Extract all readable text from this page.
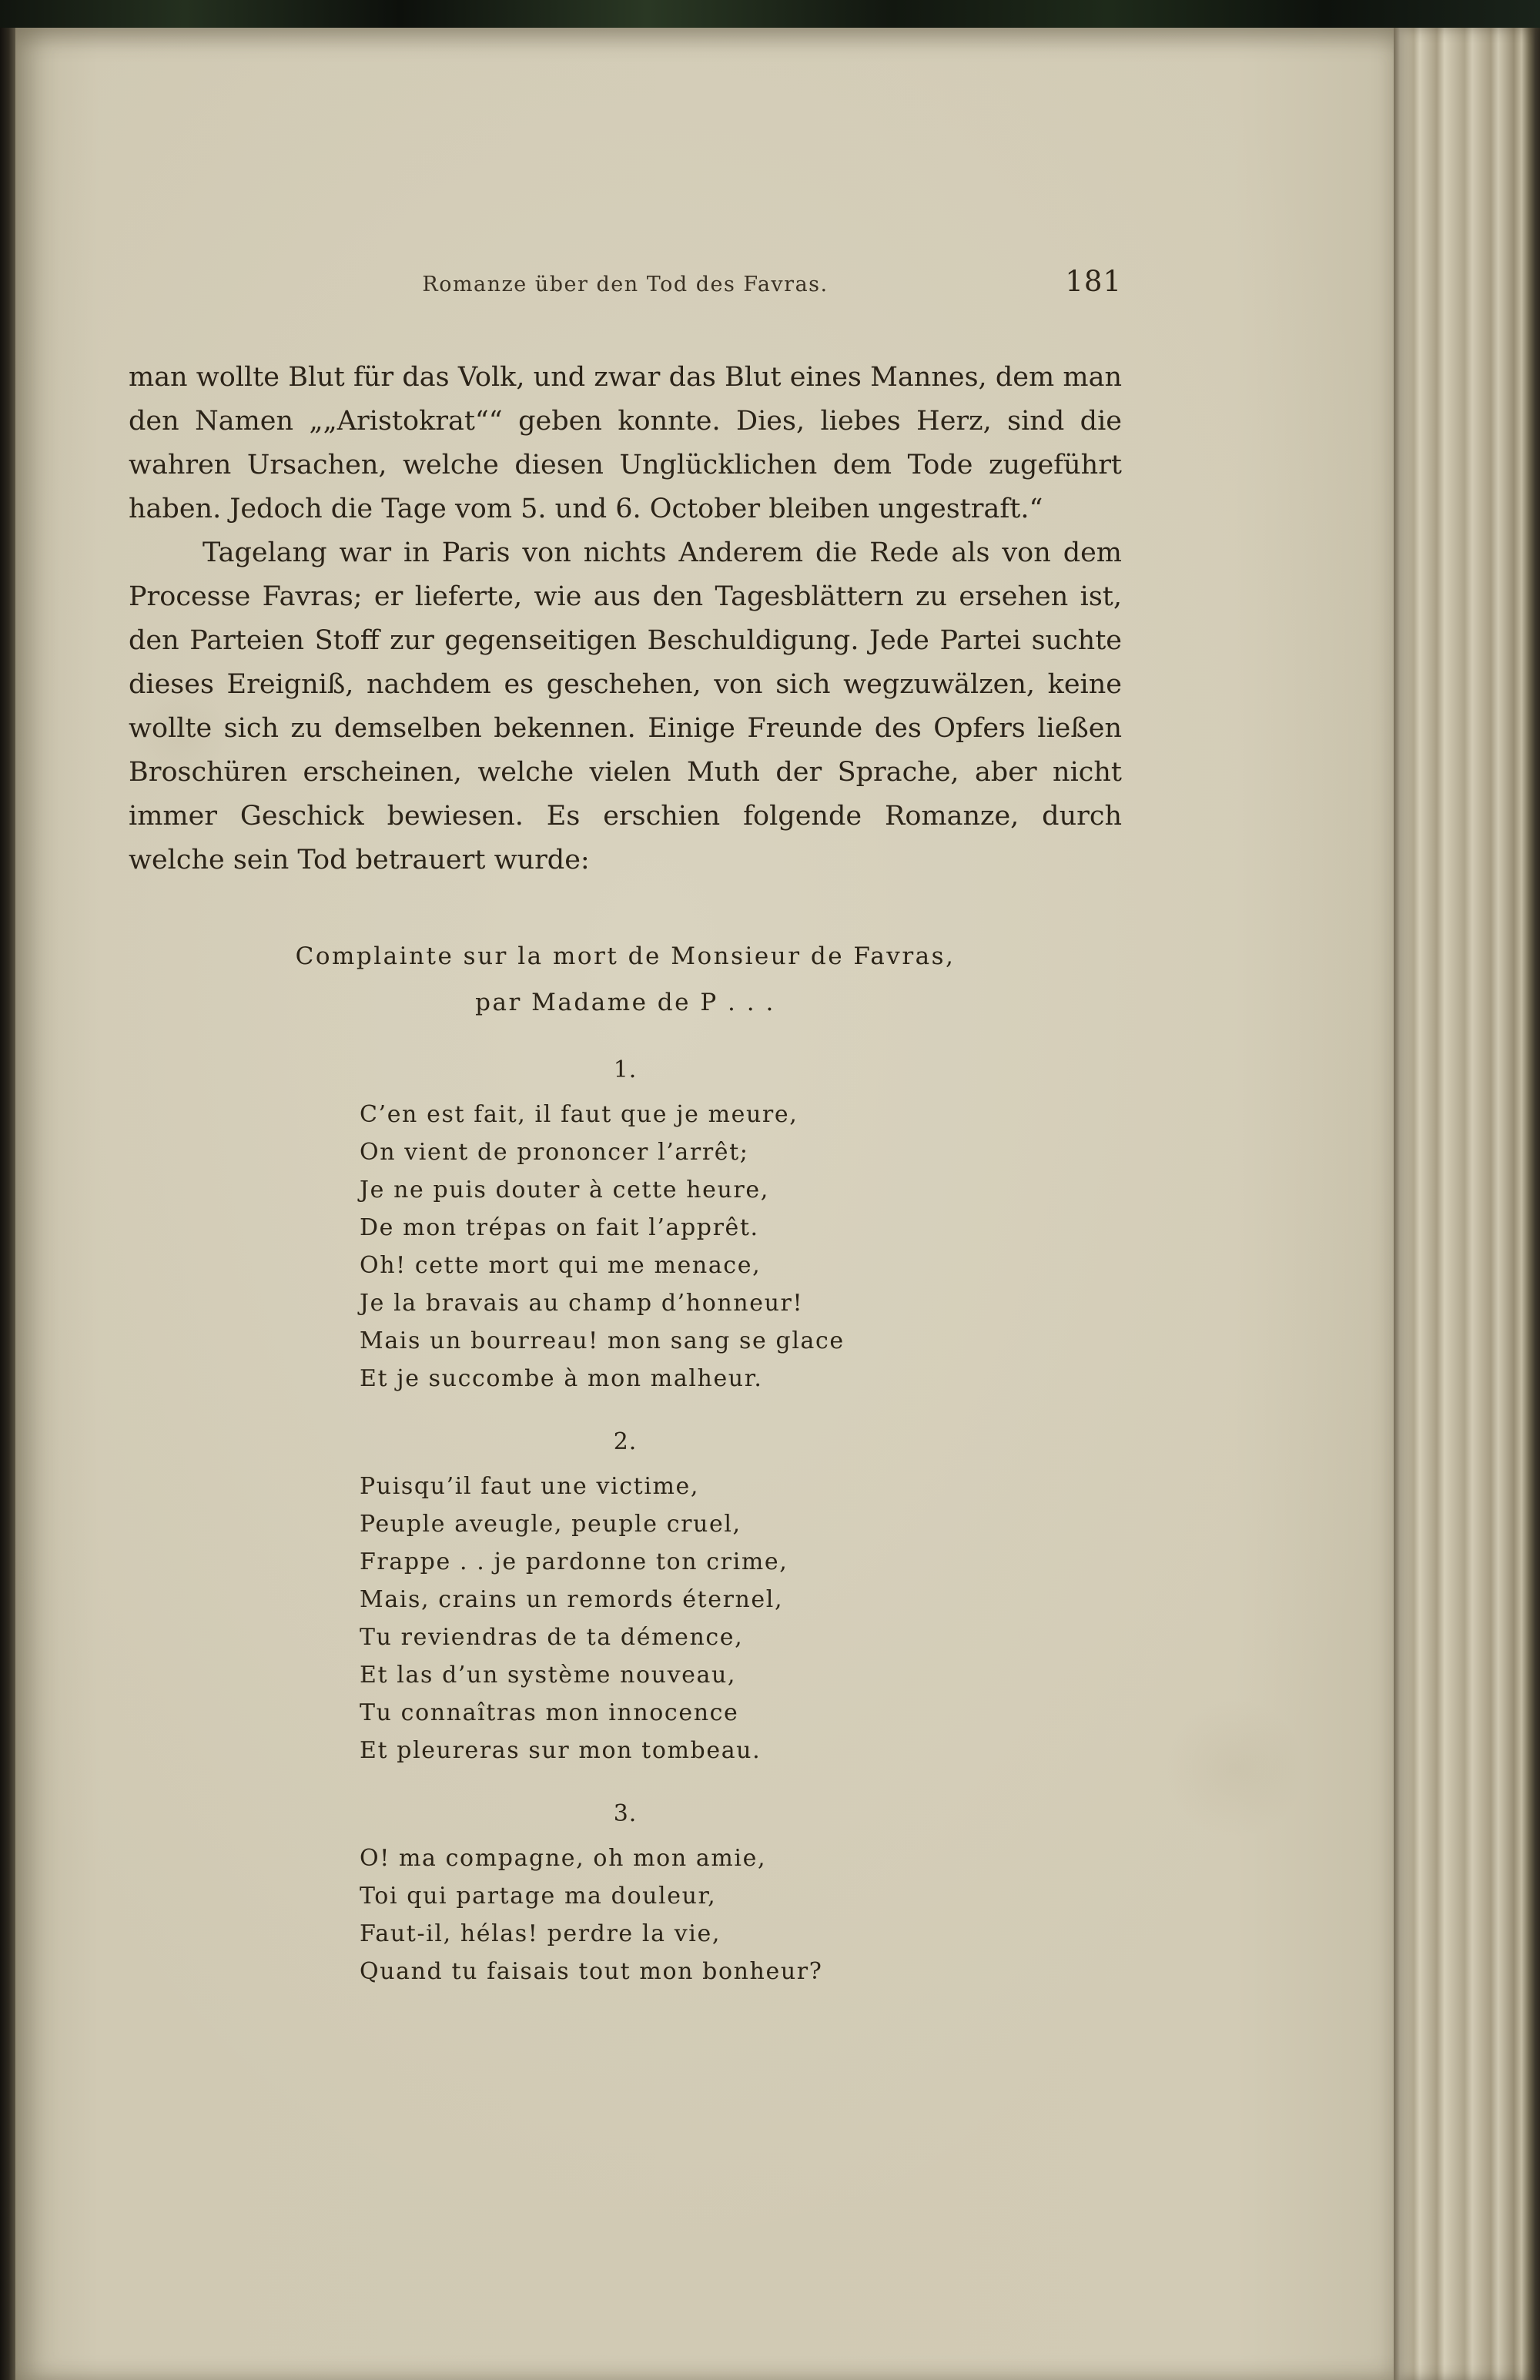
Romanze über den Tod des Favras.	181

man wollte Blut für das Volk, und zwar das Blut eines Mannes, dem man den Namen „„Aristokrat““ geben konnte. Dies, liebes Herz, sind die wahren Ursachen, welche diesen Unglücklichen dem Tode zugeführt haben. Jedoch die Tage vom 5. und 6. October bleiben ungestraft.“

Tagelang war in Paris von nichts Anderem die Rede als von dem Processe Favras; er lieferte, wie aus den Tagesblättern zu ersehen ist, den Parteien Stoff zur gegenseitigen Beschuldigung. Jede Partei suchte dieses Ereigniß, nachdem es geschehen, von sich wegzuwälzen, keine wollte sich zu demselben bekennen. Einige Freunde des Opfers ließen Broschüren erscheinen, welche vielen Muth der Sprache, aber nicht immer Geschick bewiesen. Es erschien folgende Romanze, durch welche sein Tod betrauert wurde:

Complainte sur la mort de Monsieur de Favras,
par Madame de P . . .
1.
C’en est fait, il faut que je meure,
On vient de prononcer l’arrêt;
Je ne puis douter à cette heure,
De mon trépas on fait l’apprêt.
Oh! cette mort qui me menace,
Je la bravais au champ d’honneur!
Mais un bourreau! mon sang se glace
Et je succombe à mon malheur.
2.
Puisqu’il faut une victime,
Peuple aveugle, peuple cruel,
Frappe . . je pardonne ton crime,
Mais, crains un remords éternel,
Tu reviendras de ta démence,
Et las d’un système nouveau,
Tu connaîtras mon innocence
Et pleureras sur mon tombeau.
3.
O! ma compagne, oh mon amie,
Toi qui partage ma douleur,
Faut-il, hélas! perdre la vie,
Quand tu faisais tout mon bonheur?
